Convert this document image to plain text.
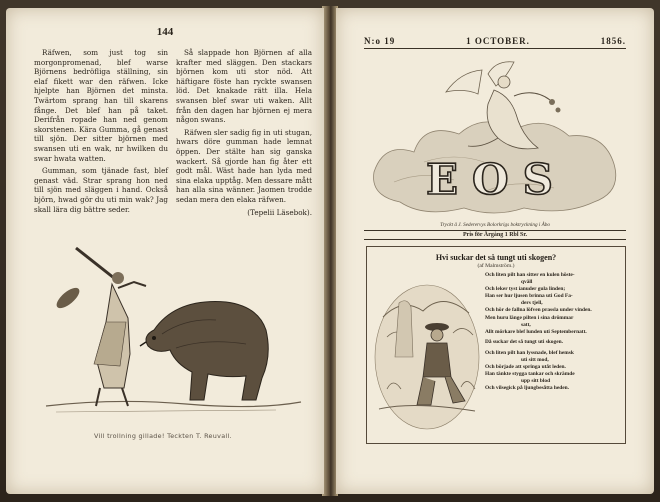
144

Räfwen, som just tog sin morgonpromenad, blef warse Björnens bedröfliga ställning, sin elaf fikett war den räfwen. Icke hjelpte han Björnen det minsta. Twärtom sprang han till skarens fånge. Det blef han på taket. Derifrån ropade han ned genom skorstenen. Kära Gumma, gå genast till sjön. Der sitter björnen med swansen uti en wak, nr hwilken du swar hwata watten.

Gumman, som tjänade fast, blef genast väd. Strar sprang hon ned till sjön med släggen i hand. Också björn, hwad gör du uti min wak? Jag skall lära dig bättre seder.

Så slappade hon Björnen af alla krafter med släggen. Den stackars björnen kom uti stor nöd. Att häftigare föste han ryckte swansen löd. Det knakade rätt illa. Hela swansen blef swar uti waken. Allt från den dagen har björnen ej mera någon swans.

Räfwen sler sadig fig in uti stugan, hwars döre gumman hade lemnat öppen. Der stälte han sig ganska wackert. Så gjorde han fig åter ett godt mål. Wäst hade han lyda med sina elaka upptåg. Men dessare mått han alla sina wänner. Jaomen trodde sedan mera den elaka räfwen.

(Tepelii Läsebok).

Vill trollning gillade! Teckten T. Reuvall.
N:o 19	1 OCTOBER.	1856.
EOS
Tryckt å J. Sederervys Bolorkrigs boktryckning i Åbo
Pris för Årgång 1 Rbl Sr.
Hvi suckar det så tungt uti skogen?
(af Malmström.)
Och liten pilt han sitter en kulen höste-
qväll
Och leker tyst ianuder gula linden;
Han ser hur ljusen brinna uti God Fa-
ders tjell,
Och hör de fallna löfven prassla under vinden.
Men huru länge pilten i sina drömmar
satt,
Allt mörkare blef lunden uti Septembernatt.
Då suckar det så tungt uti skogen.
Och liten pilt han lyssnade, blef hemsk
uti sitt mod,
Och började att springa utåt leden.
Han tänkte stygga tankar och skrämde
upp sitt blod
Och vilsegick på ljungbesåtta heden.
